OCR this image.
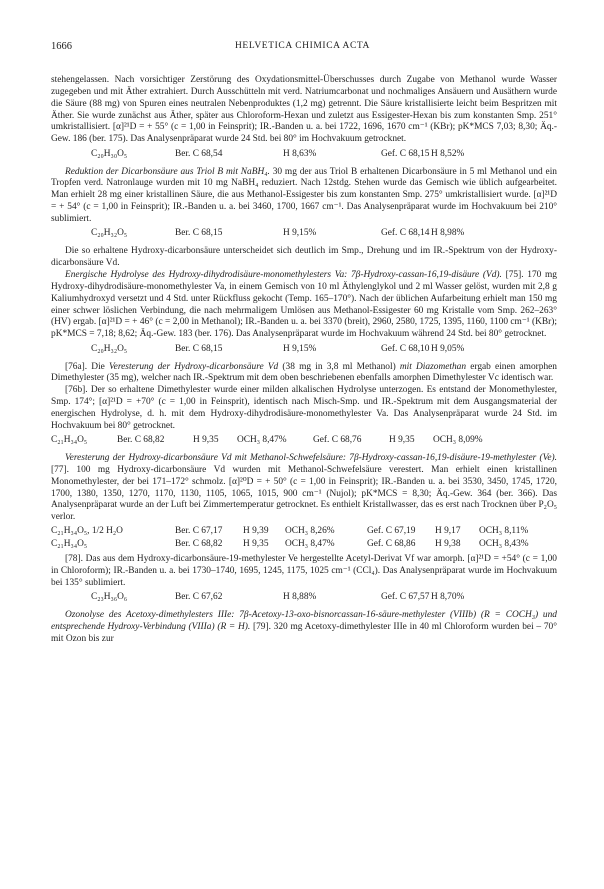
1666	HELVETICA CHIMICA ACTA

stehengelassen. Nach vorsichtiger Zerstörung des Oxydationsmittel-Überschusses durch Zugabe von Methanol wurde Wasser zugegeben und mit Äther extrahiert. Durch Ausschütteln mit verd. Natriumcarbonat und nochmaliges Ansäuern und Ausäthern wurde die Säure (88 mg) von Spuren eines neutralen Nebenproduktes (1,2 mg) getrennt. Die Säure kristallisierte leicht beim Bespritzen mit Äther. Sie wurde zunächst aus Äther, später aus Chloroform-Hexan und zuletzt aus Essigester-Hexan bis zum konstanten Smp. 251° umkristallisiert. [α]²¹D = + 55° (c = 1,00 in Feinsprit); IR.-Banden u. a. bei 1722, 1696, 1670 cm⁻¹ (KBr); pK*MCS 7,03; 8,30; Äq.-Gew. 186 (ber. 175). Das Analysenpräparat wurde 24 Std. bei 80° im Hochvakuum getrocknet.

C₂₀H₃₀O₅	Ber. C 68,54	H 8,63%	Gef. C 68,15 H 8,52%

Reduktion der Dicarbonsäure aus Triol B mit NaBH₄. 30 mg der aus Triol B erhaltenen Dicarbonsäure in 5 ml Methanol und ein Tropfen verd. Natronlauge wurden mit 10 mg NaBH₄ reduziert. Nach 12stdg. Stehen wurde das Gemisch wie üblich aufgearbeitet. Man erhielt 28 mg einer kristallinen Säure, die aus Methanol-Essigester bis zum konstanten Smp. 275° umkristallisiert wurde. [α]²¹D = + 54° (c = 1,00 in Feinsprit); IR.-Banden u. a. bei 3460, 1700, 1667 cm⁻¹. Das Analysenpräparat wurde im Hochvakuum bei 210° sublimiert.

C₂₀H₃₂O₅	Ber. C 68,15	H 9,15%	Gef. C 68,14 H 8,98%

Die so erhaltene Hydroxy-dicarbonsäure unterscheidet sich deutlich im Smp., Drehung und im IR.-Spektrum von der Hydroxy-dicarbonsäure Vd.

Energische Hydrolyse des Hydroxy-dihydrodisäure-monomethylesters Va: 7β-Hydroxy-cassan-16,19-disäure (Vd). [75]. 170 mg Hydroxy-dihydrodisäure-monomethylester Va, in einem Gemisch von 10 ml Äthylenglykol und 2 ml Wasser gelöst, wurden mit 2,8 g Kaliumhydroxyd versetzt und 4 Std. unter Rückfluss gekocht (Temp. 165–170°). Nach der üblichen Aufarbeitung erhielt man 150 mg einer schwer löslichen Verbindung, die nach mehrmaligem Umlösen aus Methanol-Essigester 60 mg Kristalle vom Smp. 262–263° (HV) ergab. [α]²¹D = + 46° (c = 2,00 in Methanol); IR.-Banden u. a. bei 3370 (breit), 2960, 2580, 1725, 1395, 1160, 1100 cm⁻¹ (KBr); pK*MCS = 7,18; 8,62; Äq.-Gew. 183 (ber. 176). Das Analysenpräparat wurde im Hochvakuum während 24 Std. bei 80° getrocknet.

C₂₀H₃₂O₅	Ber. C 68,15	H 9,15%	Gef. C 68,10 H 9,05%

[76a]. Die Veresterung der Hydroxy-dicarbonsäure Vd (38 mg in 3,8 ml Methanol) mit Diazomethan ergab einen amorphen Dimethylester (35 mg), welcher nach IR.-Spektrum mit dem oben beschriebenen ebenfalls amorphen Dimethylester Vc identisch war.

[76b]. Der so erhaltene Dimethylester wurde einer milden alkalischen Hydrolyse unterzogen. Es entstand der Monomethylester, Smp. 174°; [α]²¹D = +70° (c = 1,00 in Feinsprit), identisch nach Misch-Smp. und IR.-Spektrum mit dem Ausgangsmaterial der energischen Hydrolyse, d. h. mit dem Hydroxy-dihydrodisäure-monomethylester Va. Das Analysenpräparat wurde 24 Std. im Hochvakuum bei 80° getrocknet.

C₂₁H₃₄O₅	Ber. C 68,82	H 9,35 OCH₃ 8,47%	Gef. C 68,76	H 9,35 OCH₃ 8,09%

Veresterung der Hydroxy-dicarbonsäure Vd mit Methanol-Schwefelsäure: 7β-Hydroxy-cassan-16,19-disäure-19-methylester (Ve). [77]. 100 mg Hydroxy-dicarbonsäure Vd wurden mit Methanol-Schwefelsäure verestert. Man erhielt einen kristallinen Monomethylester, der bei 171–172° schmolz. [α]²⁰D = + 50° (c = 1,00 in Feinsprit); IR.-Banden u. a. bei 3530, 3450, 1745, 1720, 1700, 1380, 1350, 1270, 1170, 1130, 1105, 1065, 1015, 900 cm⁻¹ (Nujol); pK*MCS = 8,30; Äq.-Gew. 364 (ber. 366). Das Analysenpräparat wurde an der Luft bei Zimmertemperatur getrocknet. Es enthielt Kristallwasser, das es erst nach Trocknen über P₂O₅ verlor.

C₂₁H₃₄O₅, 1/2 H₂O	Ber. C 67,17 H 9,39 OCH₃ 8,26%	Gef. C 67,19 H 9,17 OCH₃ 8,11%
C₂₁H₃₄O₅	Ber. C 68,82 H 9,35 OCH₃ 8,47%	Gef. C 68,86 H 9,38 OCH₃ 8,43%

[78]. Das aus dem Hydroxy-dicarbonsäure-19-methylester Ve hergestellte Acetyl-Derivat Vf war amorph. [α]²¹D = +54° (c = 1,00 in Chloroform); IR.-Banden u. a. bei 1730–1740, 1695, 1245, 1175, 1025 cm⁻¹ (CCl₄). Das Analysenpräparat wurde im Hochvakuum bei 135° sublimiert.

C₂₃H₃₆O₆	Ber. C 67,62	H 8,88%	Gef. C 67,57 H 8,70%

Ozonolyse des Acetoxy-dimethylesters IIIe: 7β-Acetoxy-13-oxo-bisnorcassan-16-säure-methylester (VIIIb) (R = COCH₃) und entsprechende Hydroxy-Verbindung (VIIIa) (R = H). [79]. 320 mg Acetoxy-dimethylester IIIe in 40 ml Chloroform wurden bei – 70° mit Ozon bis zur
